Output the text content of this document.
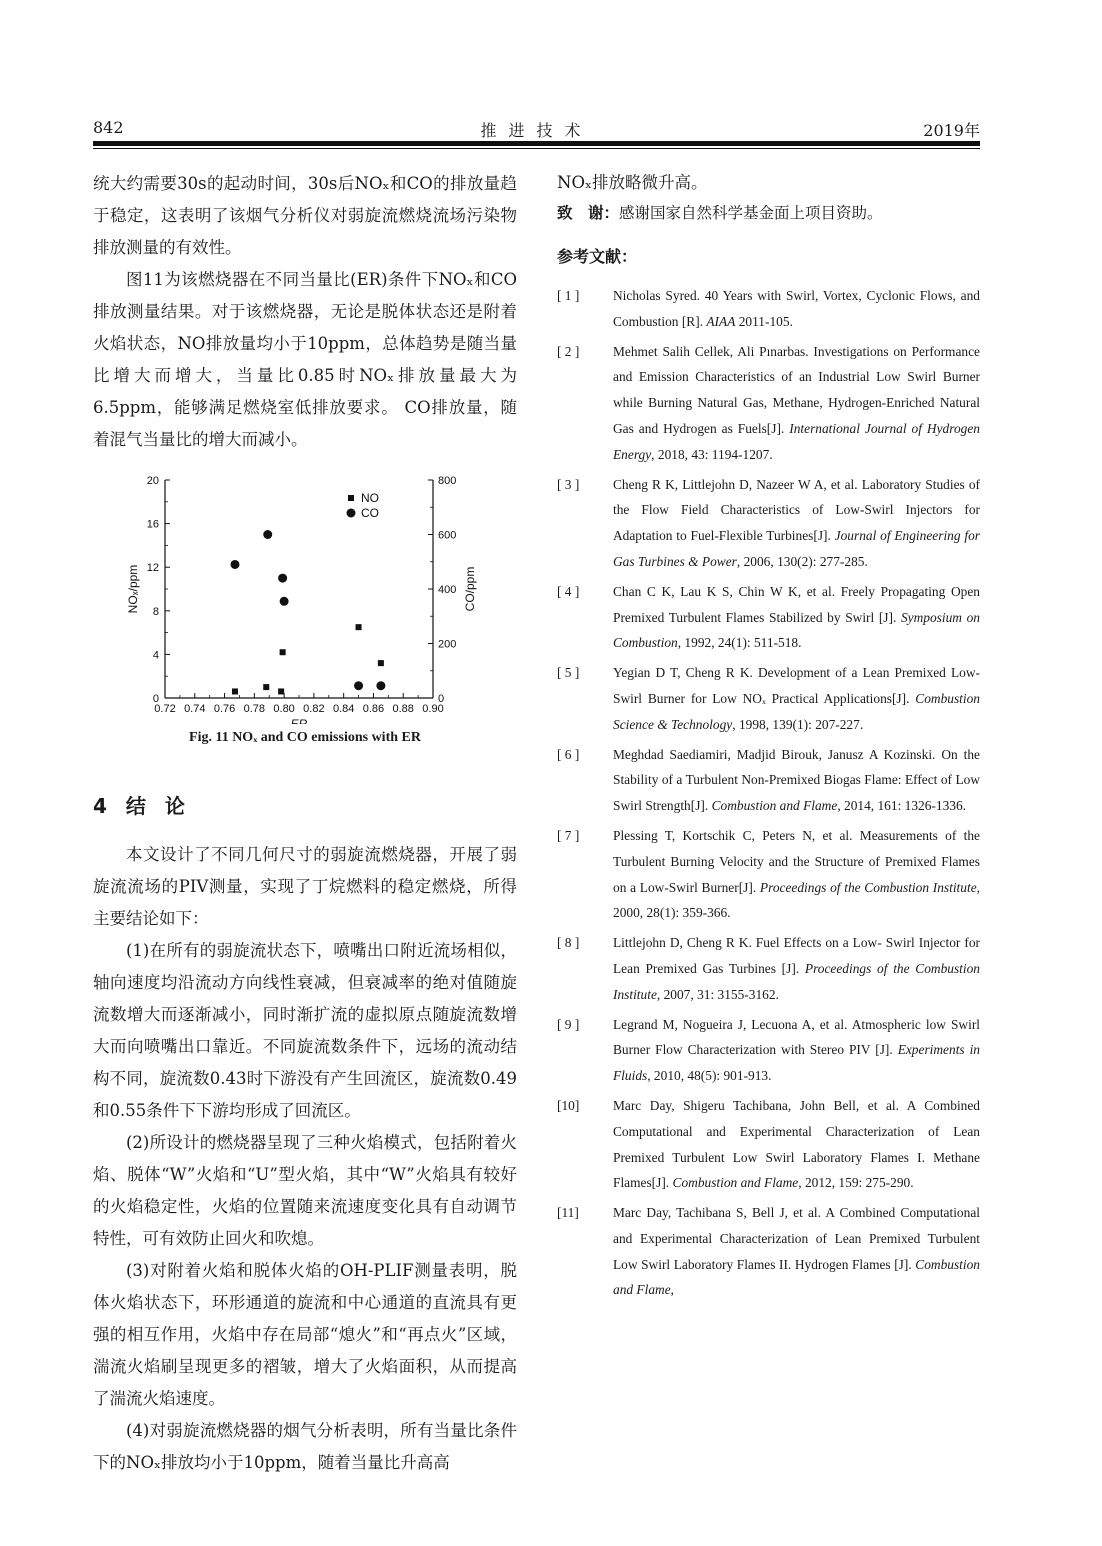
842	推进技术	2019年

统大约需要30s的起动时间，30s后NOₓ和CO的排放量趋于稳定，这表明了该烟气分析仪对弱旋流燃烧流场污染物排放测量的有效性。

图11为该燃烧器在不同当量比(ER)条件下NOₓ和CO排放测量结果。对于该燃烧器，无论是脱体状态还是附着火焰状态，NO排放量均小于10ppm，总体趋势是随当量比增大而增大，当量比0.85时NOₓ排放量最大为6.5ppm，能够满足燃烧室低排放要求。 CO排放量，随着混气当量比的增大而减小。

0.72 0.74 0.76 0.78 0.80 0.82 0.84 0.86 0.88 0.90
0
4
8
12
16
20
0
200
400
600
800
ER
NOₓ/ppm	CO/ppm
NO
CO
Fig. 11 NOₓ and CO emissions with ER

4 结 论

本文设计了不同几何尺寸的弱旋流燃烧器，开展了弱旋流流场的PIV测量，实现了丁烷燃料的稳定燃烧，所得主要结论如下：

(1)在所有的弱旋流状态下，喷嘴出口附近流场相似，轴向速度均沿流动方向线性衰减，但衰减率的绝对值随旋流数增大而逐渐减小，同时渐扩流的虚拟原点随旋流数增大而向喷嘴出口靠近。不同旋流数条件下，远场的流动结构不同，旋流数0.43时下游没有产生回流区，旋流数0.49和0.55条件下下游均形成了回流区。

(2)所设计的燃烧器呈现了三种火焰模式，包括附着火焰、脱体“W”火焰和“U”型火焰，其中“W”火焰具有较好的火焰稳定性，火焰的位置随来流速度变化具有自动调节特性，可有效防止回火和吹熄。

(3)对附着火焰和脱体火焰的OH-PLIF测量表明，脱体火焰状态下，环形通道的旋流和中心通道的直流具有更强的相互作用，火焰中存在局部“熄火”和“再点火”区域，湍流火焰刷呈现更多的褶皱，增大了火焰面积，从而提高了湍流火焰速度。

(4)对弱旋流燃烧器的烟气分析表明，所有当量比条件下的NOₓ排放均小于10ppm，随着当量比升高高

NOₓ排放略微升高。

致　谢：感谢国家自然科学基金面上项目资助。

参考文献：

[ 1 ]	Nicholas Syred. 40 Years with Swirl, Vortex, Cyclonic Flows, and Combustion [R]. AIAA 2011-105.

[ 2 ]	Mehmet Salih Cellek, Ali Pınarbas. Investigations on Performance and Emission Characteristics of an Industrial Low Swirl Burner while Burning Natural Gas, Methane, Hydrogen-Enriched Natural Gas and Hydrogen as Fuels[J]. International Journal of Hydrogen Energy, 2018, 43: 1194-1207.

[ 3 ]	Cheng R K, Littlejohn D, Nazeer W A, et al. Laboratory Studies of the Flow Field Characteristics of Low-Swirl Injectors for Adaptation to Fuel-Flexible Turbines[J]. Journal of Engineering for Gas Turbines & Power, 2006, 130(2): 277-285.

[ 4 ]	Chan C K, Lau K S, Chin W K, et al. Freely Propagating Open Premixed Turbulent Flames Stabilized by Swirl [J]. Symposium on Combustion, 1992, 24(1): 511-518.

[ 5 ]	Yegian D T, Cheng R K. Development of a Lean Premixed Low-Swirl Burner for Low NOₓ Practical Applications[J]. Combustion Science & Technology, 1998, 139(1): 207-227.

[ 6 ]	Meghdad Saediamiri, Madjid Birouk, Janusz A Kozinski. On the Stability of a Turbulent Non-Premixed Biogas Flame: Effect of Low Swirl Strength[J]. Combustion and Flame, 2014, 161: 1326-1336.

[ 7 ]	Plessing T, Kortschik C, Peters N, et al. Measurements of the Turbulent Burning Velocity and the Structure of Premixed Flames on a Low-Swirl Burner[J]. Proceedings of the Combustion Institute, 2000, 28(1): 359-366.

[ 8 ]	Littlejohn D, Cheng R K. Fuel Effects on a Low- Swirl Injector for Lean Premixed Gas Turbines [J]. Proceedings of the Combustion Institute, 2007, 31: 3155-3162.

[ 9 ]	Legrand M, Nogueira J, Lecuona A, et al. Atmospheric low Swirl Burner Flow Characterization with Stereo PIV [J]. Experiments in Fluids, 2010, 48(5): 901-913.

[10]	Marc Day, Shigeru Tachibana, John Bell, et al. A Combined Computational and Experimental Characterization of Lean Premixed Turbulent Low Swirl Laboratory Flames I. Methane Flames[J]. Combustion and Flame, 2012, 159: 275-290.

[11]	Marc Day, Tachibana S, Bell J, et al. A Combined Computational and Experimental Characterization of Lean Premixed Turbulent Low Swirl Laboratory Flames II. Hydrogen Flames [J]. Combustion and Flame,
